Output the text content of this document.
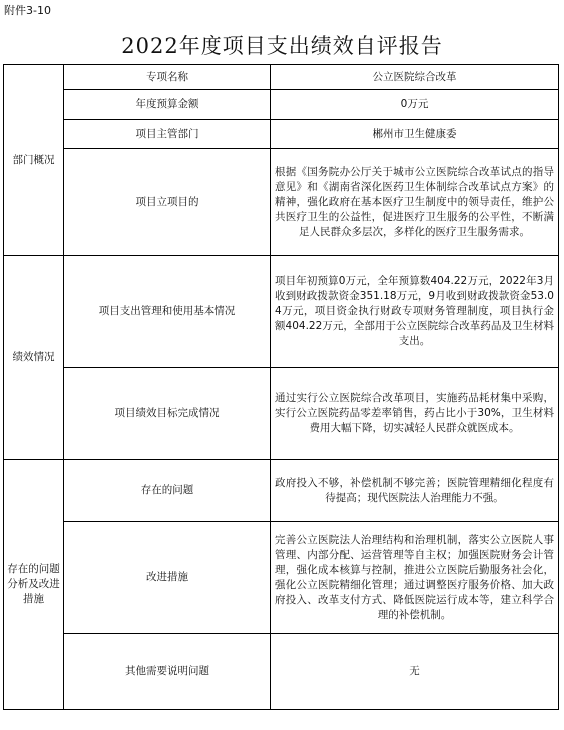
附件3-10
2022年度项目支出绩效自评报告
部门概况	专项名称	公立医院综合改革
	年度预算金额	0万元
	项目主管部门	郴州市卫生健康委
	项目立项目的	根据《国务院办公厅关于城市公立医院综合改革试点的指导意见》和《湖南省深化医药卫生体制综合改革试点方案》的精神，强化政府在基本医疗卫生制度中的领导责任，维护公共医疗卫生的公益性，促进医疗卫生服务的公平性，不断满足人民群众多层次，多样化的医疗卫生服务需求。
绩效情况	项目支出管理和使用基本情况	项目年初预算0万元，全年预算数404.22万元，2022年3月收到财政拨款资金351.18万元，9月收到财政拨款资金53.04万元，项目资金执行财政专项财务管理制度，项目执行金额404.22万元，全部用于公立医院综合改革药品及卫生材料支出。
	项目绩效目标完成情况	通过实行公立医院综合改革项目，实施药品耗材集中采购，实行公立医院药品零差率销售，药占比小于30%，卫生材料费用大幅下降，切实减轻人民群众就医成本。
存在的问题分析及改进措施	存在的问题	政府投入不够，补偿机制不够完善；医院管理精细化程度有待提高；现代医院法人治理能力不强。
	改进措施	完善公立医院法人治理结构和治理机制，落实公立医院人事管理、内部分配、运营管理等自主权；加强医院财务会计管理，强化成本核算与控制，推进公立医院后勤服务社会化，强化公立医院精细化管理；通过调整医疗服务价格、加大政府投入、改革支付方式、降低医院运行成本等，建立科学合理的补偿机制。
	其他需要说明问题	无
